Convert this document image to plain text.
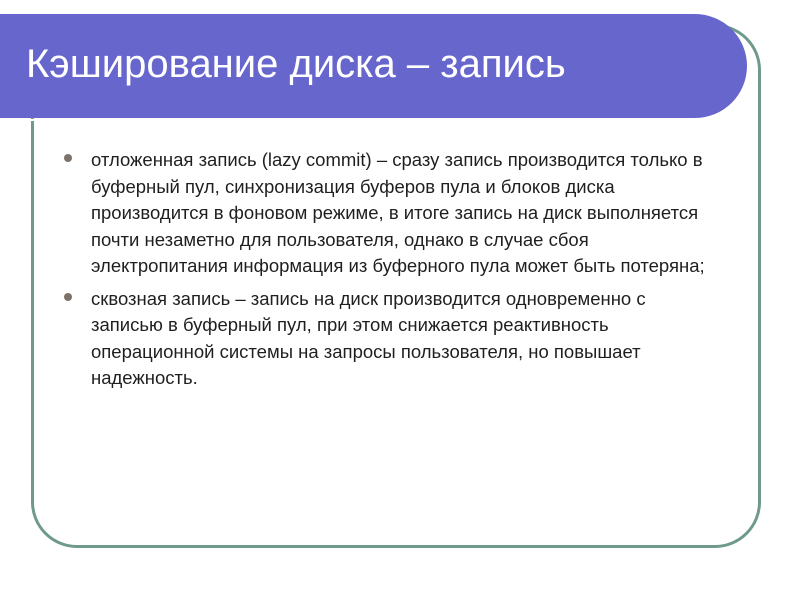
Кэширование диска – запись
отложенная запись (lazy commit) – сразу запись производится только в буферный пул, синхронизация буферов пула и блоков диска производится в фоновом режиме, в итоге запись на диск выполняется почти незаметно для пользователя, однако в случае сбоя электропитания информация из буферного пула может быть потеряна;
сквозная запись – запись на диск производится одновременно с записью в буферный пул, при этом снижается реактивность операционной системы на запросы пользователя, но повышает надежность.
